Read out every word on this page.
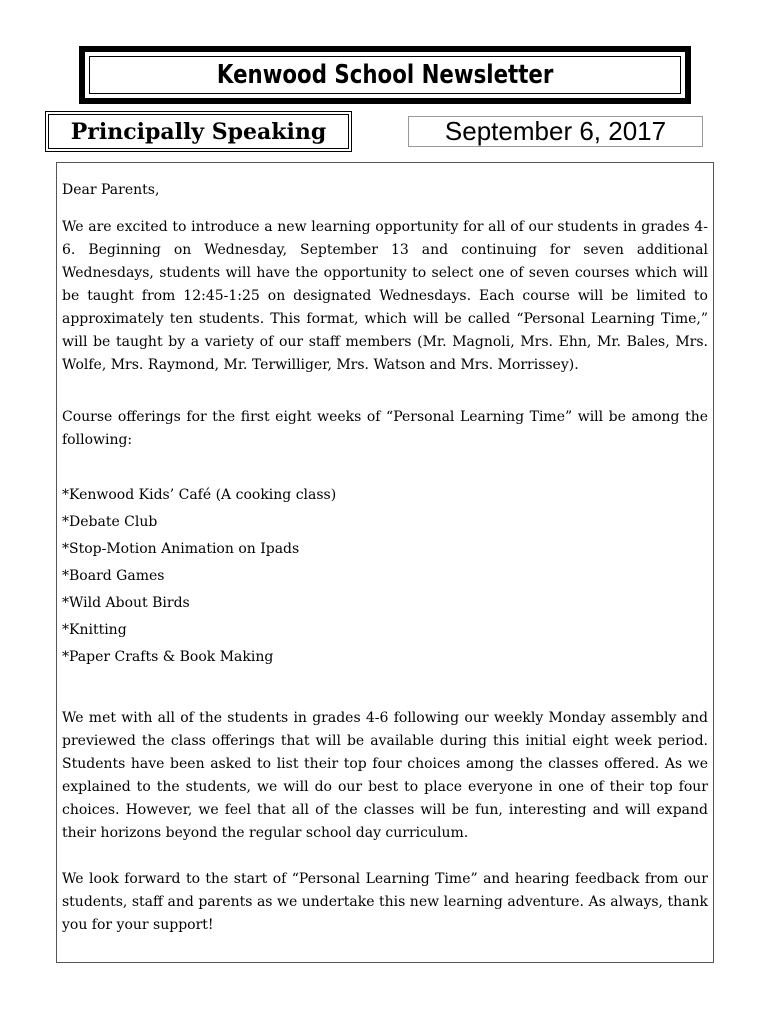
Kenwood School Newsletter
Principally Speaking	September 6, 2017

Dear Parents,

We are excited to introduce a new learning opportunity for all of our students in grades 4-6. Beginning on Wednesday, September 13 and continuing for seven additional Wednesdays, students will have the opportunity to select one of seven courses which will be taught from 12:45-1:25 on designated Wednesdays. Each course will be limited to approximately ten students. This format, which will be called “Personal Learning Time,” will be taught by a variety of our staff members (Mr. Magnoli, Mrs. Ehn, Mr. Bales, Mrs. Wolfe, Mrs. Raymond, Mr. Terwilliger, Mrs. Watson and Mrs. Morrissey).

Course offerings for the first eight weeks of “Personal Learning Time” will be among the following:

*Kenwood Kids’ Café (A cooking class)
*Debate Club
*Stop-Motion Animation on Ipads
*Board Games
*Wild About Birds
*Knitting
*Paper Crafts & Book Making

We met with all of the students in grades 4-6 following our weekly Monday assembly and previewed the class offerings that will be available during this initial eight week period. Students have been asked to list their top four choices among the classes offered. As we explained to the students, we will do our best to place everyone in one of their top four choices. However, we feel that all of the classes will be fun, interesting and will expand their horizons beyond the regular school day curriculum.

We look forward to the start of “Personal Learning Time” and hearing feedback from our students, staff and parents as we undertake this new learning adventure. As always, thank you for your support!
